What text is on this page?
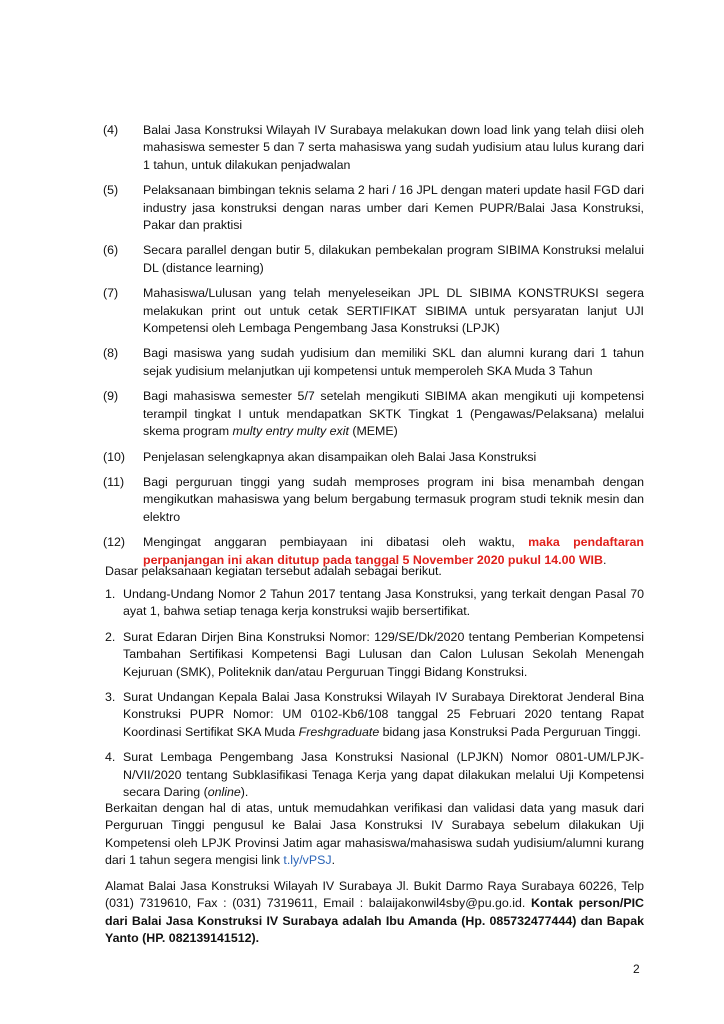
(4)	Balai Jasa Konstruksi Wilayah IV Surabaya melakukan down load link yang telah diisi oleh mahasiswa semester 5 dan 7 serta mahasiswa yang sudah yudisium atau lulus kurang dari 1 tahun, untuk dilakukan penjadwalan
(5)	Pelaksanaan bimbingan teknis selama 2 hari / 16 JPL dengan materi update hasil FGD dari industry jasa konstruksi dengan naras umber dari Kemen PUPR/Balai Jasa Konstruksi, Pakar dan praktisi
(6)	Secara parallel dengan butir 5, dilakukan pembekalan program SIBIMA Konstruksi melalui DL (distance learning)
(7)	Mahasiswa/Lulusan yang telah menyeleseikan JPL DL SIBIMA KONSTRUKSI segera melakukan print out untuk cetak SERTIFIKAT SIBIMA untuk persyaratan lanjut UJI Kompetensi oleh Lembaga Pengembang Jasa Konstruksi (LPJK)
(8)	Bagi masiswa yang sudah yudisium dan memiliki SKL dan alumni kurang dari 1 tahun sejak yudisium melanjutkan uji kompetensi untuk memperoleh SKA Muda 3 Tahun
(9)	Bagi mahasiswa semester 5/7 setelah mengikuti SIBIMA akan mengikuti uji kompetensi terampil tingkat I untuk mendapatkan SKTK Tingkat 1 (Pengawas/Pelaksana) melalui skema program multy entry multy exit (MEME)
(10)	Penjelasan selengkapnya akan disampaikan oleh Balai Jasa Konstruksi
(11)	Bagi perguruan tinggi yang sudah memproses program ini bisa menambah dengan mengikutkan mahasiswa yang belum bergabung termasuk program studi teknik mesin dan elektro
(12)	Mengingat anggaran pembiayaan ini dibatasi oleh waktu, maka pendaftaran perpanjangan ini akan ditutup pada tanggal 5 November 2020 pukul 14.00 WIB.

Dasar pelaksanaan kegiatan tersebut adalah sebagai berikut.

1. Undang-Undang Nomor 2 Tahun 2017 tentang Jasa Konstruksi, yang terkait dengan Pasal 70 ayat 1, bahwa setiap tenaga kerja konstruksi wajib bersertifikat.
2. Surat Edaran Dirjen Bina Konstruksi Nomor: 129/SE/Dk/2020 tentang Pemberian Kompetensi Tambahan Sertifikasi Kompetensi Bagi Lulusan dan Calon Lulusan Sekolah Menengah Kejuruan (SMK), Politeknik dan/atau Perguruan Tinggi Bidang Konstruksi.
3. Surat Undangan Kepala Balai Jasa Konstruksi Wilayah IV Surabaya Direktorat Jenderal Bina Konstruksi PUPR Nomor: UM 0102-Kb6/108 tanggal 25 Februari 2020 tentang Rapat Koordinasi Sertifikat SKA Muda Freshgraduate bidang jasa Konstruksi Pada Perguruan Tinggi.
4. Surat Lembaga Pengembang Jasa Konstruksi Nasional (LPJKN) Nomor 0801-UM/LPJK-N/VII/2020 tentang Subklasifikasi Tenaga Kerja yang dapat dilakukan melalui Uji Kompetensi secara Daring (online).

Berkaitan dengan hal di atas, untuk memudahkan verifikasi dan validasi data yang masuk dari Perguruan Tinggi pengusul ke Balai Jasa Konstruksi IV Surabaya sebelum dilakukan Uji Kompetensi oleh LPJK Provinsi Jatim agar mahasiswa/mahasiswa sudah yudisium/alumni kurang dari 1 tahun segera mengisi link t.ly/vPSJ.

Alamat Balai Jasa Konstruksi Wilayah IV Surabaya Jl. Bukit Darmo Raya Surabaya 60226, Telp (031) 7319610, Fax : (031) 7319611, Email : balaijakonwil4sby@pu.go.id. Kontak person/PIC dari Balai Jasa Konstruksi IV Surabaya adalah Ibu Amanda (Hp. 085732477444) dan Bapak Yanto (HP. 082139141512).

2
